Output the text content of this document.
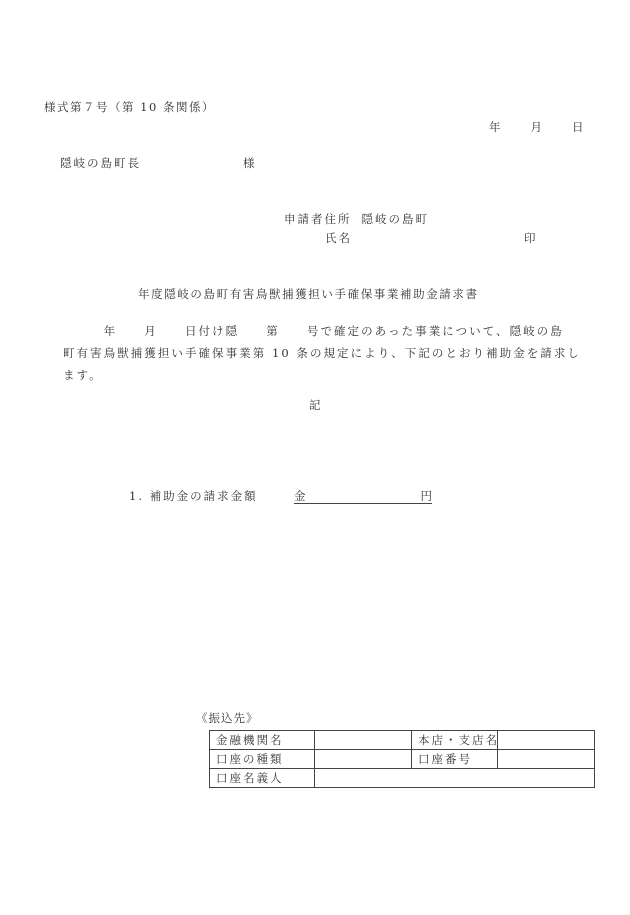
様式第７号（第 10 条関係）
年 月 日
隠岐の島町長	様
申請者住所 隠岐の島町
氏名	印
年度隠岐の島町有害鳥獣捕獲担い手確保事業補助金請求書
　　　年　　月　　日付け隠　　第　　号で確定のあった事業について、隠岐の島
町有害鳥獣捕獲担い手確保事業第 10 条の規定により、下記のとおり補助金を請求し
ます。
記
1. 補助金の請求金額	金	円
《振込先》
金融機関名		本店・支店名	
口座の種類		口座番号	
口座名義人			
